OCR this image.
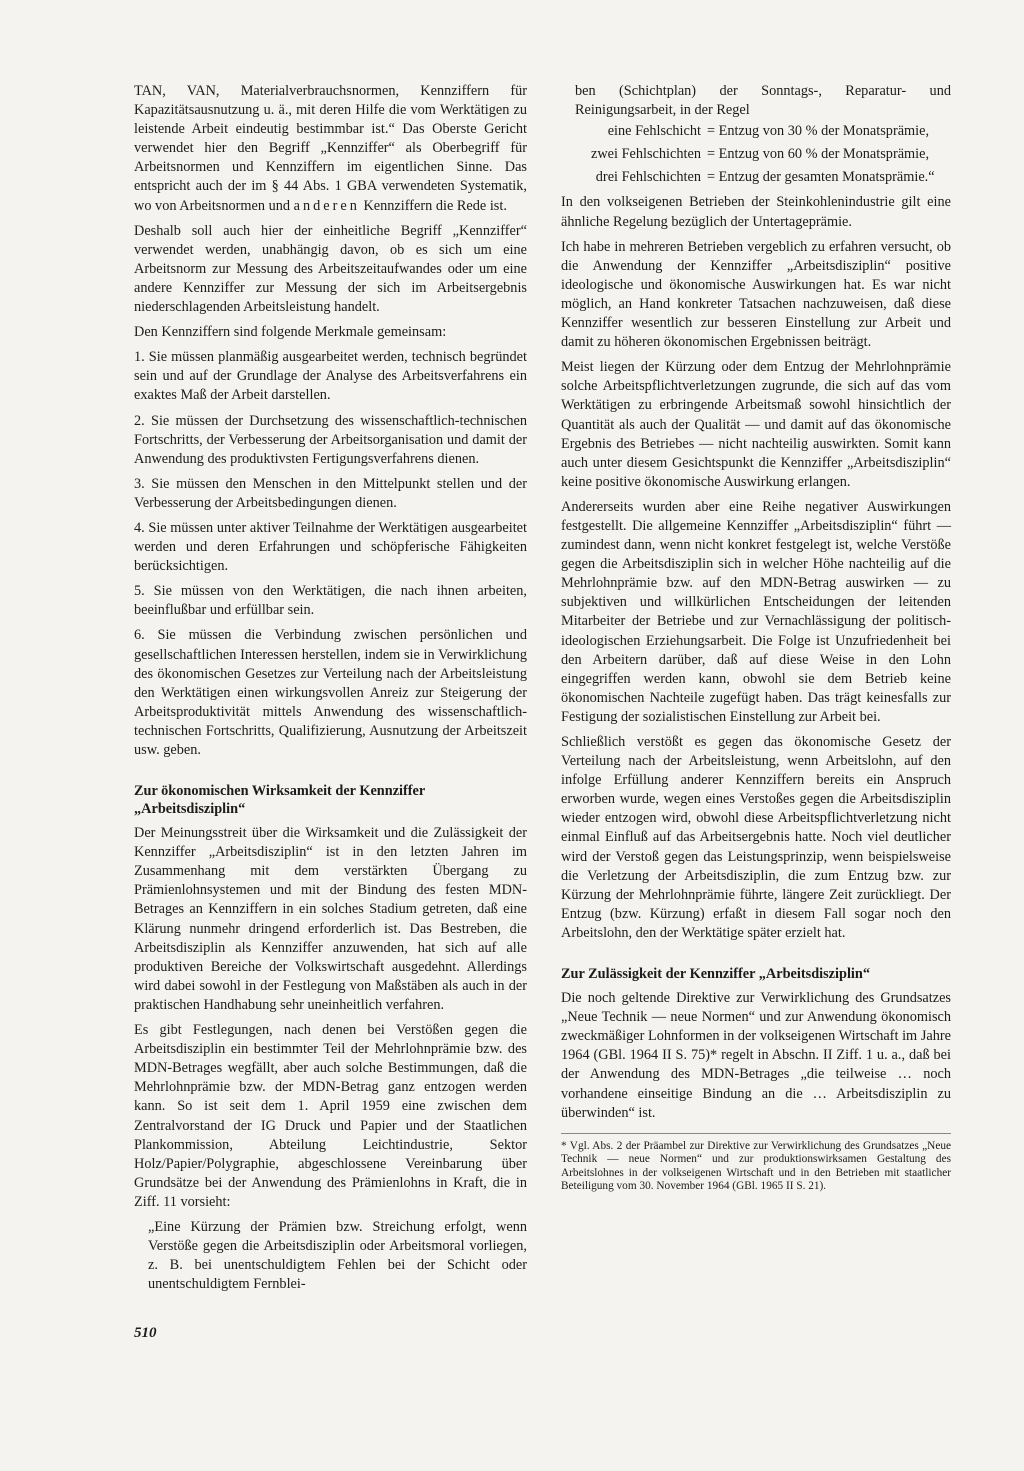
TAN, VAN, Materialverbrauchsnormen, Kennziffern für Kapazitätsausnutzung u. ä., mit deren Hilfe die vom Werktätigen zu leistende Arbeit eindeutig bestimmbar ist.“ Das Oberste Gericht verwendet hier den Begriff „Kennziffer“ als Oberbegriff für Arbeitsnormen und Kennziffern im eigentlichen Sinne. Das entspricht auch der im § 44 Abs. 1 GBA verwendeten Systematik, wo von Arbeitsnormen und anderen Kennziffern die Rede ist.

Deshalb soll auch hier der einheitliche Begriff „Kennziffer“ verwendet werden, unabhängig davon, ob es sich um eine Arbeitsnorm zur Messung des Arbeitszeitaufwandes oder um eine andere Kennziffer zur Messung der sich im Arbeitsergebnis niederschlagenden Arbeitsleistung handelt.

Den Kennziffern sind folgende Merkmale gemeinsam:

1. Sie müssen planmäßig ausgearbeitet werden, technisch begründet sein und auf der Grundlage der Analyse des Arbeitsverfahrens ein exaktes Maß der Arbeit darstellen.
2. Sie müssen der Durchsetzung des wissenschaftlich-technischen Fortschritts, der Verbesserung der Arbeitsorganisation und damit der Anwendung des produktivsten Fertigungsverfahrens dienen.
3. Sie müssen den Menschen in den Mittelpunkt stellen und der Verbesserung der Arbeitsbedingungen dienen.
4. Sie müssen unter aktiver Teilnahme der Werktätigen ausgearbeitet werden und deren Erfahrungen und schöpferische Fähigkeiten berücksichtigen.
5. Sie müssen von den Werktätigen, die nach ihnen arbeiten, beeinflußbar und erfüllbar sein.
6. Sie müssen die Verbindung zwischen persönlichen und gesellschaftlichen Interessen herstellen, indem sie in Verwirklichung des ökonomischen Gesetzes zur Verteilung nach der Arbeitsleistung den Werktätigen einen wirkungsvollen Anreiz zur Steigerung der Arbeitsproduktivität mittels Anwendung des wissenschaftlich-technischen Fortschritts, Qualifizierung, Ausnutzung der Arbeitszeit usw. geben.
Zur ökonomischen Wirksamkeit der Kennziffer
„Arbeitsdisziplin“

Der Meinungsstreit über die Wirksamkeit und die Zulässigkeit der Kennziffer „Arbeitsdisziplin“ ist in den letzten Jahren im Zusammenhang mit dem verstärkten Übergang zu Prämienlohnsystemen und mit der Bindung des festen MDN-Betrages an Kennziffern in ein solches Stadium getreten, daß eine Klärung nunmehr dringend erforderlich ist. Das Bestreben, die Arbeitsdisziplin als Kennziffer anzuwenden, hat sich auf alle produktiven Bereiche der Volkswirtschaft ausgedehnt. Allerdings wird dabei sowohl in der Festlegung von Maßstäben als auch in der praktischen Handhabung sehr uneinheitlich verfahren.

Es gibt Festlegungen, nach denen bei Verstößen gegen die Arbeitsdisziplin ein bestimmter Teil der Mehrlohnprämie bzw. des MDN-Betrages wegfällt, aber auch solche Bestimmungen, daß die Mehrlohnprämie bzw. der MDN-Betrag ganz entzogen werden kann. So ist seit dem 1. April 1959 eine zwischen dem Zentralvorstand der IG Druck und Papier und der Staatlichen Plankommission, Abteilung Leichtindustrie, Sektor Holz/Papier/Polygraphie, abgeschlossene Vereinbarung über Grundsätze bei der Anwendung des Prämienlohns in Kraft, die in Ziff. 11 vorsieht:

„Eine Kürzung der Prämien bzw. Streichung erfolgt, wenn Verstöße gegen die Arbeitsdisziplin oder Arbeitsmoral vorliegen, z. B. bei unentschuldigtem Fehlen bei der Schicht oder unentschuldigtem Fernblei-

ben (Schichtplan) der Sonntags-, Reparatur- und Reinigungsarbeit, in der Regel

eine Fehlschicht = Entzug von 30 % der Monatsprämie,
zwei Fehlschichten = Entzug von 60 % der Monatsprämie,
drei Fehlschichten = Entzug der gesamten Monatsprämie.“

In den volkseigenen Betrieben der Steinkohlenindustrie gilt eine ähnliche Regelung bezüglich der Untertageprämie.

Ich habe in mehreren Betrieben vergeblich zu erfahren versucht, ob die Anwendung der Kennziffer „Arbeitsdisziplin“ positive ideologische und ökonomische Auswirkungen hat. Es war nicht möglich, an Hand konkreter Tatsachen nachzuweisen, daß diese Kennziffer wesentlich zur besseren Einstellung zur Arbeit und damit zu höheren ökonomischen Ergebnissen beiträgt.

Meist liegen der Kürzung oder dem Entzug der Mehrlohnprämie solche Arbeitspflichtverletzungen zugrunde, die sich auf das vom Werktätigen zu erbringende Arbeitsmaß sowohl hinsichtlich der Quantität als auch der Qualität — und damit auf das ökonomische Ergebnis des Betriebes — nicht nachteilig auswirkten. Somit kann auch unter diesem Gesichtspunkt die Kennziffer „Arbeitsdisziplin“ keine positive ökonomische Auswirkung erlangen.

Andererseits wurden aber eine Reihe negativer Auswirkungen festgestellt. Die allgemeine Kennziffer „Arbeitsdisziplin“ führt — zumindest dann, wenn nicht konkret festgelegt ist, welche Verstöße gegen die Arbeitsdisziplin sich in welcher Höhe nachteilig auf die Mehrlohnprämie bzw. auf den MDN-Betrag auswirken — zu subjektiven und willkürlichen Entscheidungen der leitenden Mitarbeiter der Betriebe und zur Vernachlässigung der politisch-ideologischen Erziehungsarbeit. Die Folge ist Unzufriedenheit bei den Arbeitern darüber, daß auf diese Weise in den Lohn eingegriffen werden kann, obwohl sie dem Betrieb keine ökonomischen Nachteile zugefügt haben. Das trägt keinesfalls zur Festigung der sozialistischen Einstellung zur Arbeit bei.

Schließlich verstößt es gegen das ökonomische Gesetz der Verteilung nach der Arbeitsleistung, wenn Arbeitslohn, auf den infolge Erfüllung anderer Kennziffern bereits ein Anspruch erworben wurde, wegen eines Verstoßes gegen die Arbeitsdisziplin wieder entzogen wird, obwohl diese Arbeitspflichtverletzung nicht einmal Einfluß auf das Arbeitsergebnis hatte. Noch viel deutlicher wird der Verstoß gegen das Leistungsprinzip, wenn beispielsweise die Verletzung der Arbeitsdisziplin, die zum Entzug bzw. zur Kürzung der Mehrlohnprämie führte, längere Zeit zurückliegt. Der Entzug (bzw. Kürzung) erfaßt in diesem Fall sogar noch den Arbeitslohn, den der Werktätige später erzielt hat.

Zur Zulässigkeit der Kennziffer „Arbeitsdisziplin“

Die noch geltende Direktive zur Verwirklichung des Grundsatzes „Neue Technik — neue Normen“ und zur Anwendung ökonomisch zweckmäßiger Lohnformen in der volkseigenen Wirtschaft im Jahre 1964 (GBl. 1964 II S. 75)* regelt in Abschn. II Ziff. 1 u. a., daß bei der Anwendung des MDN-Betrages „die teilweise … noch vorhandene einseitige Bindung an die … Arbeitsdisziplin zu überwinden“ ist.

* Vgl. Abs. 2 der Präambel zur Direktive zur Verwirklichung des Grundsatzes „Neue Technik — neue Normen“ und zur produktionswirksamen Gestaltung des Arbeitslohnes in der volkseigenen Wirtschaft und in den Betrieben mit staatlicher Beteiligung vom 30. November 1964 (GBl. 1965 II S. 21).
510
